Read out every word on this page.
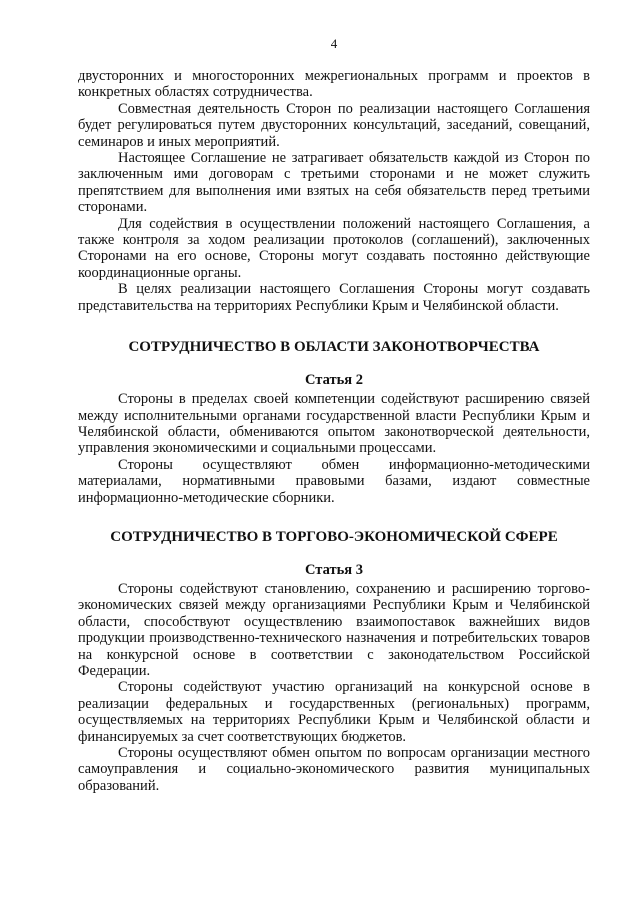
4

двусторонних и многосторонних межрегиональных программ и проектов в конкретных областях сотрудничества.

Совместная деятельность Сторон по реализации настоящего Соглашения будет регулироваться путем двусторонних консультаций, заседаний, совещаний, семинаров и иных мероприятий.

Настоящее Соглашение не затрагивает обязательств каждой из Сторон по заключенным ими договорам с третьими сторонами и не может служить препятствием для выполнения ими взятых на себя обязательств перед третьими сторонами.

Для содействия в осуществлении положений настоящего Соглашения, а также контроля за ходом реализации протоколов (соглашений), заключенных Сторонами на его основе, Стороны могут создавать постоянно действующие координационные органы.

В целях реализации настоящего Соглашения Стороны могут создавать представительства на территориях Республики Крым и Челябинской области.

СОТРУДНИЧЕСТВО В ОБЛАСТИ ЗАКОНОТВОРЧЕСТВА
Статья 2

Стороны в пределах своей компетенции содействуют расширению связей между исполнительными органами государственной власти Республики Крым и Челябинской области, обмениваются опытом законотворческой деятельности, управления экономическими и социальными процессами.

Стороны осуществляют обмен информационно-методическими материалами, нормативными правовыми базами, издают совместные информационно-методические сборники.

СОТРУДНИЧЕСТВО В ТОРГОВО-ЭКОНОМИЧЕСКОЙ СФЕРЕ
Статья 3

Стороны содействуют становлению, сохранению и расширению торгово-экономических связей между организациями Республики Крым и Челябинской области, способствуют осуществлению взаимопоставок важнейших видов продукции производственно-технического назначения и потребительских товаров на конкурсной основе в соответствии с законодательством Российской Федерации.

Стороны содействуют участию организаций на конкурсной основе в реализации федеральных и государственных (региональных) программ, осуществляемых на территориях Республики Крым и Челябинской области и финансируемых за счет соответствующих бюджетов.

Стороны осуществляют обмен опытом по вопросам организации местного самоуправления и социально-экономического развития муниципальных образований.
